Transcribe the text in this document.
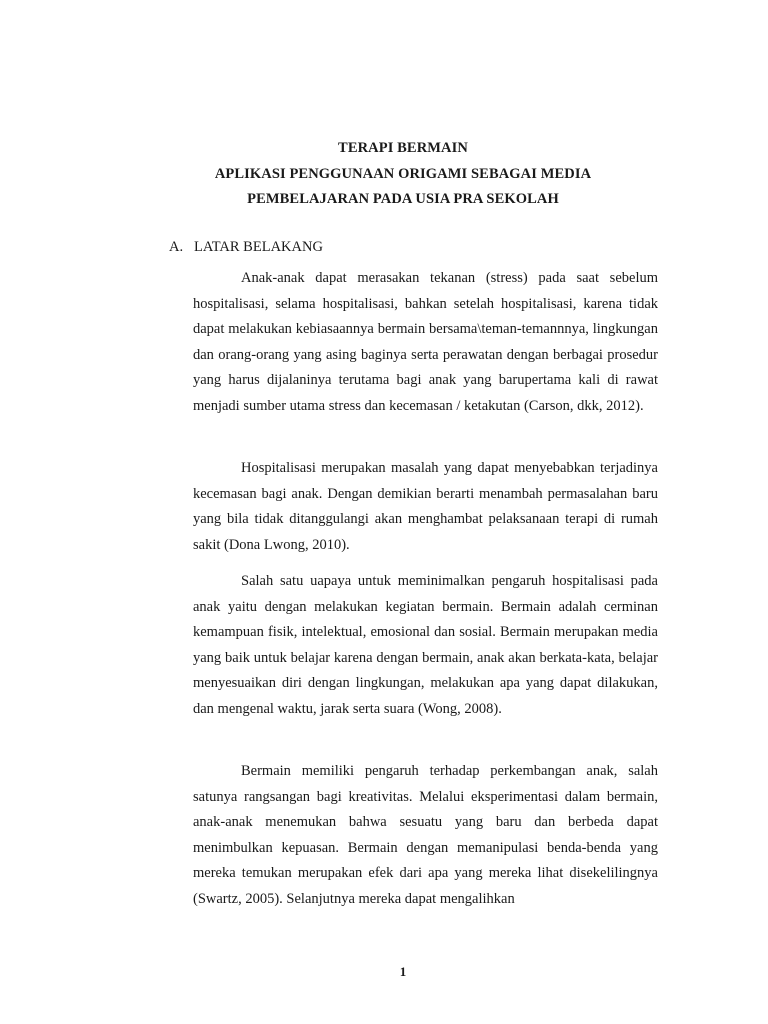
TERAPI BERMAIN
APLIKASI PENGGUNAAN ORIGAMI SEBAGAI MEDIA
PEMBELAJARAN PADA USIA PRA SEKOLAH
A. LATAR BELAKANG

Anak-anak dapat merasakan tekanan (stress) pada saat sebelum hospitalisasi, selama hospitalisasi, bahkan setelah hospitalisasi, karena tidak dapat melakukan kebiasaannya bermain bersama\teman-temannnya, lingkungan dan orang-orang yang asing baginya serta perawatan dengan berbagai prosedur yang harus dijalaninya terutama bagi anak yang barupertama kali di rawat menjadi sumber utama stress dan kecemasan / ketakutan (Carson, dkk, 2012).

Hospitalisasi merupakan masalah yang dapat menyebabkan terjadinya kecemasan bagi anak. Dengan demikian berarti menambah permasalahan baru yang bila tidak ditanggulangi akan menghambat pelaksanaan terapi di rumah sakit (Dona Lwong, 2010).

Salah satu uapaya untuk meminimalkan pengaruh hospitalisasi pada anak yaitu dengan melakukan kegiatan bermain. Bermain adalah cerminan kemampuan fisik, intelektual, emosional dan sosial. Bermain merupakan media yang baik untuk belajar karena dengan bermain, anak akan berkata-kata, belajar menyesuaikan diri dengan lingkungan, melakukan apa yang dapat dilakukan, dan mengenal waktu, jarak serta suara (Wong, 2008).

Bermain memiliki pengaruh terhadap perkembangan anak, salah satunya rangsangan bagi kreativitas. Melalui eksperimentasi dalam bermain, anak-anak menemukan bahwa sesuatu yang baru dan berbeda dapat menimbulkan kepuasan. Bermain dengan memanipulasi benda-benda yang mereka temukan merupakan efek dari apa yang mereka lihat disekelilingnya (Swartz, 2005). Selanjutnya mereka dapat mengalihkan

1
